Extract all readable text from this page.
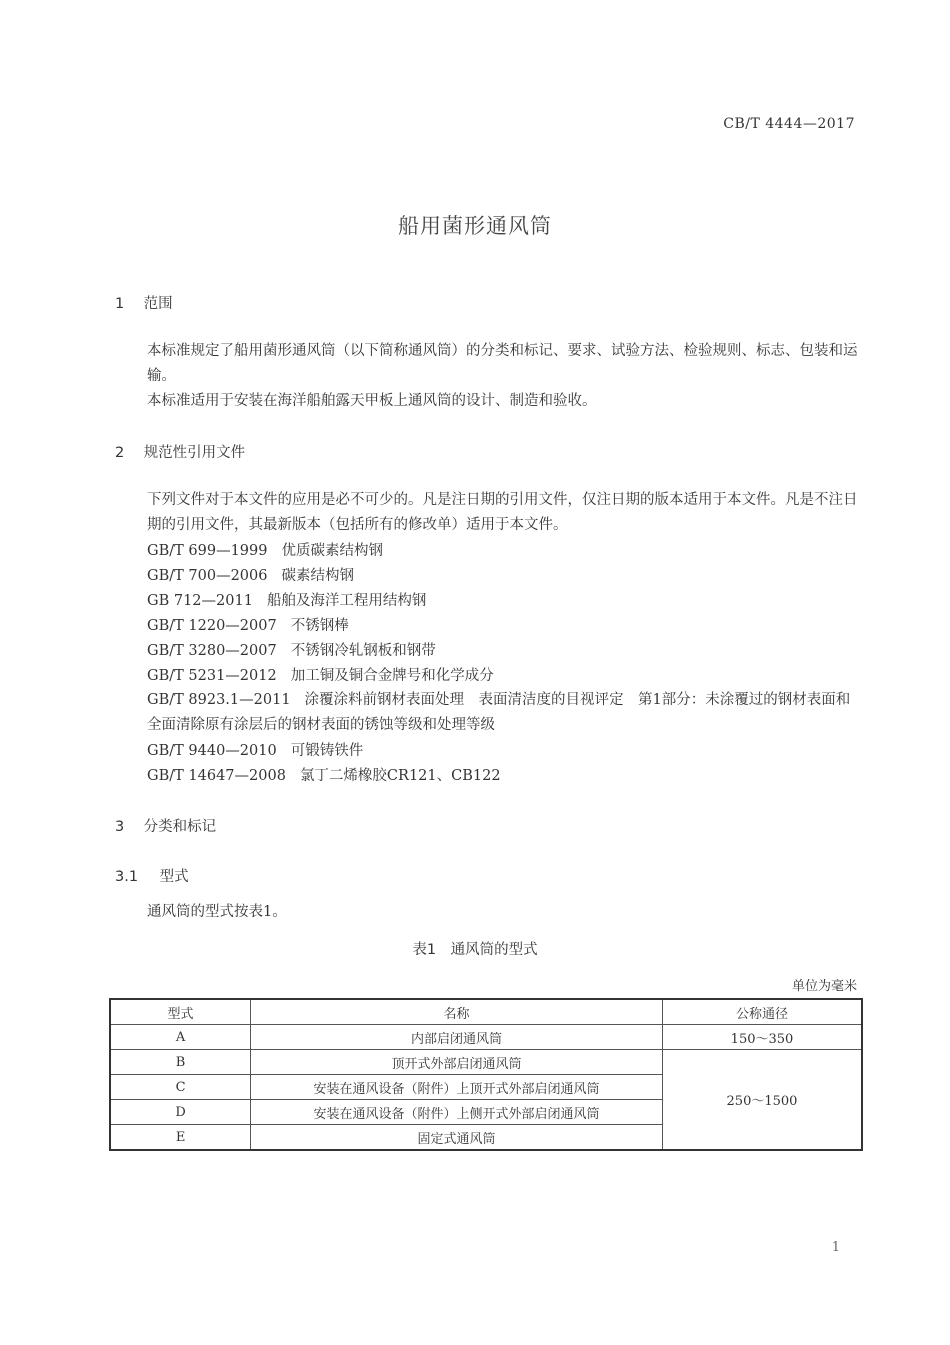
CB/T 4444—2017
船用菌形通风筒
1 范围
本标准规定了船用菌形通风筒（以下简称通风筒）的分类和标记、要求、试验方法、检验规则、标志、包装和运输。
本标准适用于安装在海洋船舶露天甲板上通风筒的设计、制造和验收。
2 规范性引用文件
下列文件对于本文件的应用是必不可少的。凡是注日期的引用文件，仅注日期的版本适用于本文件。凡是不注日期的引用文件，其最新版本（包括所有的修改单）适用于本文件。
GB/T 699—1999 优质碳素结构钢
GB/T 700—2006 碳素结构钢
GB 712—2011 船舶及海洋工程用结构钢
GB/T 1220—2007 不锈钢棒
GB/T 3280—2007 不锈钢冷轧钢板和钢带
GB/T 5231—2012 加工铜及铜合金牌号和化学成分
GB/T 8923.1—2011 涂覆涂料前钢材表面处理　表面清洁度的目视评定　第1部分：未涂覆过的钢材表面和全面清除原有涂层后的钢材表面的锈蚀等级和处理等级
GB/T 9440—2010 可锻铸铁件
GB/T 14647—2008 氯丁二烯橡胶CR121、CB122
3 分类和标记
3.1 型式
通风筒的型式按表1。
表1　通风筒的型式
单位为毫米
型式	名称	公称通径
A	内部启闭通风筒	150～350
B	顶开式外部启闭通风筒	250～1500
C	安装在通风设备（附件）上顶开式外部启闭通风筒	
D	安装在通风设备（附件）上侧开式外部启闭通风筒	
E	固定式通风筒	
1
